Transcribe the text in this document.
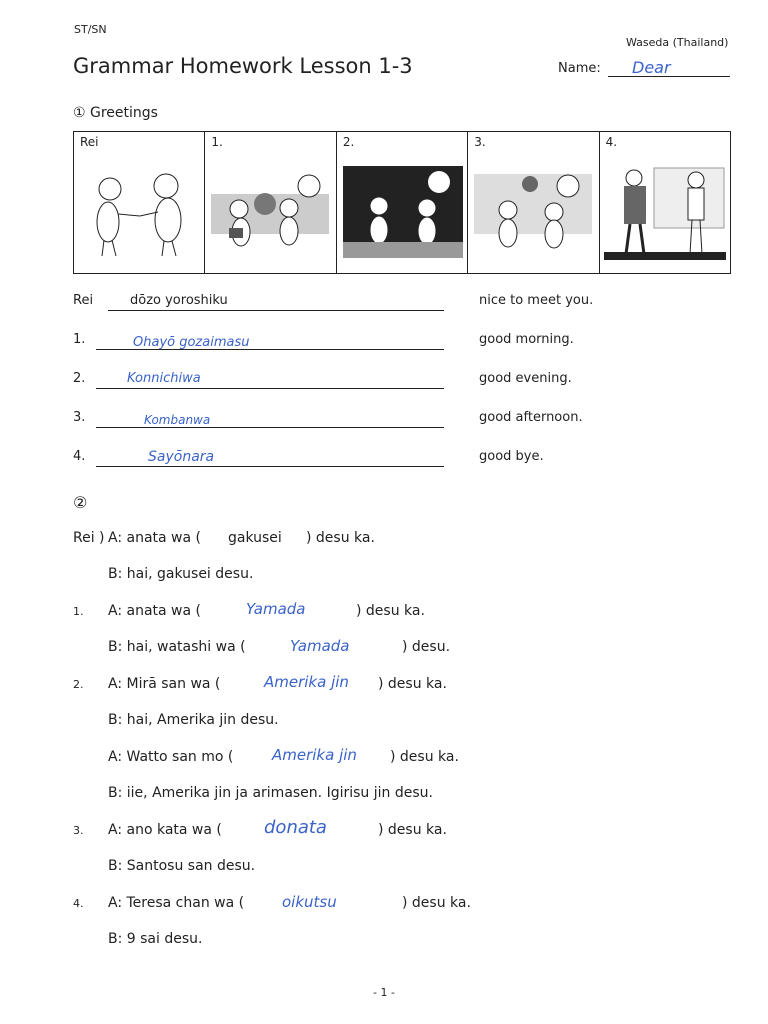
ST/SN
Waseda (Thailand)
Grammar Homework Lesson 1-3	Name: Dear
① Greetings
Rei	1.	2.	3.	4.
Rei	dōzo yoroshiku	nice to meet you.
1.	Ohayō gozaimasu	good morning.
2.	Konnichiwa	good evening.
3.	Kombanwa	good afternoon.
4.	Sayōnara	good bye.
②
Rei ) A: anata wa ( gakusei ) desu ka.
B: hai, gakusei desu.
1. A: anata wa (	Yamada	) desu ka.
B: hai, watashi wa (	Yamada	) desu.
2. A: Mirā san wa (	Amerika jin ) desu ka.
B: hai, Amerika jin desu.
A: Watto san mo (	Amerika jin ) desu ka.
B: iie, Amerika jin ja arimasen. Igirisu jin desu.
3. A: ano kata wa ( donata	) desu ka.
B: Santosu san desu.
4. A: Teresa chan wa (	oikutsu	) desu ka.
B: 9 sai desu.
- 1 -
